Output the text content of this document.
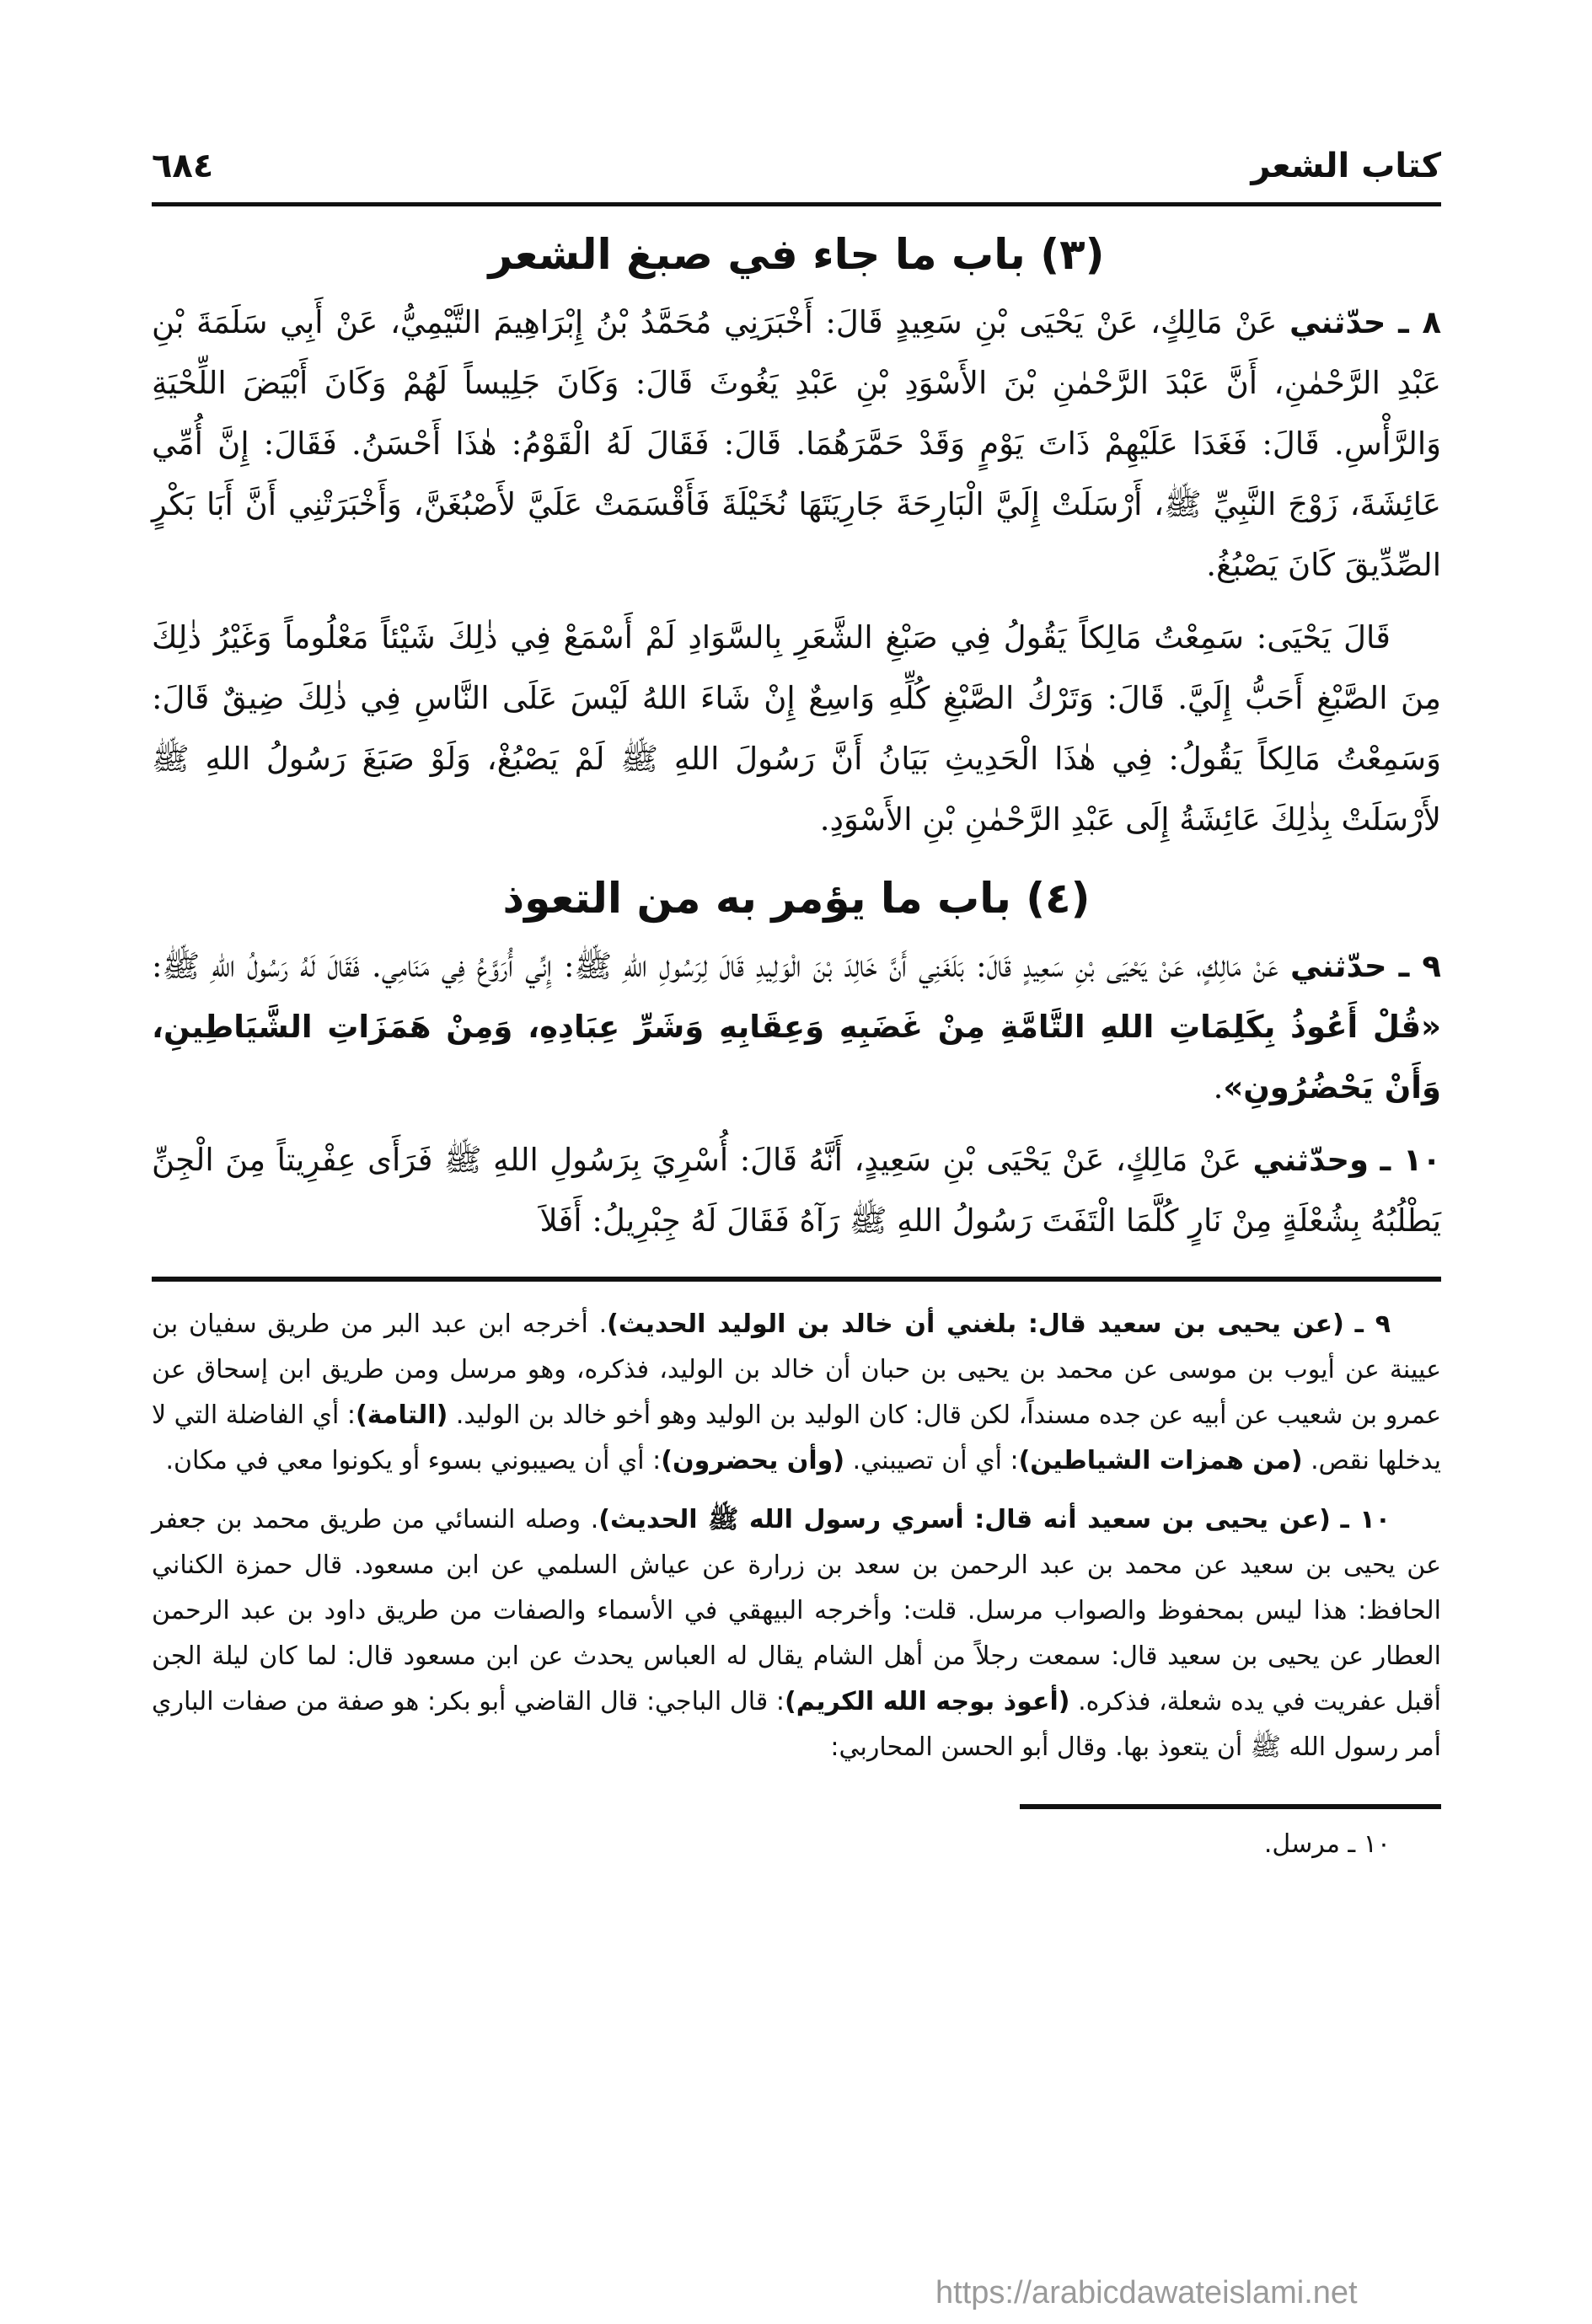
كتاب الشعر
٦٨٤
(٣) باب ما جاء في صبغ الشعر

٨ ـ حدّثني عَنْ مَالِكٍ، عَنْ يَحْيَى بْنِ سَعِيدٍ قَالَ: أَخْبَرَنِي مُحَمَّدُ بْنُ إِبْرَاهِيمَ التَّيْمِيُّ، عَنْ أَبِي سَلَمَةَ بْنِ عَبْدِ الرَّحْمٰنِ، أَنَّ عَبْدَ الرَّحْمٰنِ بْنَ الأَسْوَدِ بْنِ عَبْدِ يَغُوثَ قَالَ: وَكَانَ جَلِيساً لَهُمْ وَكَانَ أَبْيَضَ اللِّحْيَةِ وَالرَّأْسِ. قَالَ: فَغَدَا عَلَيْهِمْ ذَاتَ يَوْمٍ وَقَدْ حَمَّرَهُمَا. قَالَ: فَقَالَ لَهُ الْقَوْمُ: هٰذَا أَحْسَنُ. فَقَالَ: إِنَّ أُمِّي عَائِشَةَ، زَوْجَ النَّبِيِّ ﷺ، أَرْسَلَتْ إِلَيَّ الْبَارِحَةَ جَارِيَتَهَا نُخَيْلَةَ فَأَقْسَمَتْ عَلَيَّ لأَصْبُغَنَّ، وَأَخْبَرَتْنِي أَنَّ أَبَا بَكْرٍ الصِّدِّيقَ كَانَ يَصْبُغُ.

قَالَ يَحْيَى: سَمِعْتُ مَالِكاً يَقُولُ فِي صَبْغِ الشَّعَرِ بِالسَّوَادِ لَمْ أَسْمَعْ فِي ذٰلِكَ شَيْئاً مَعْلُوماً وَغَيْرُ ذٰلِكَ مِنَ الصَّبْغِ أَحَبُّ إِلَيَّ. قَالَ: وَتَرْكُ الصَّبْغِ كُلِّهِ وَاسِعٌ إِنْ شَاءَ اللهُ لَيْسَ عَلَى النَّاسِ فِي ذٰلِكَ ضِيقٌ قَالَ: وَسَمِعْتُ مَالِكاً يَقُولُ: فِي هٰذَا الْحَدِيثِ بَيَانُ أَنَّ رَسُولَ اللهِ ﷺ لَمْ يَصْبُغْ، وَلَوْ صَبَغَ رَسُولُ اللهِ ﷺ لأَرْسَلَتْ بِذٰلِكَ عَائِشَةُ إِلَى عَبْدِ الرَّحْمٰنِ بْنِ الأَسْوَدِ.

(٤) باب ما يؤمر به من التعوذ

٩ ـ حدّثني عَنْ مَالِكٍ، عَنْ يَحْيَى بْنِ سَعِيدٍ قَالَ: بَلَغَنِي أَنَّ خَالِدَ بْنَ الْوَلِيدِ قَالَ لِرَسُولِ اللهِ ﷺ: إِنِّي أُرَوَّعُ فِي مَنَامِي. فَقَالَ لَهُ رَسُولُ اللهِ ﷺ: «قُلْ أَعُوذُ بِكَلِمَاتِ اللهِ التَّامَّةِ مِنْ غَضَبِهِ وَعِقَابِهِ وَشَرِّ عِبَادِهِ، وَمِنْ هَمَزَاتِ الشَّيَاطِينِ، وَأَنْ يَحْضُرُونِ».

١٠ ـ وحدّثني عَنْ مَالِكٍ، عَنْ يَحْيَى بْنِ سَعِيدٍ، أَنَّهُ قَالَ: أُسْرِيَ بِرَسُولِ اللهِ ﷺ فَرَأَى عِفْرِيتاً مِنَ الْجِنِّ يَطْلُبُهُ بِشُعْلَةٍ مِنْ نَارٍ كُلَّمَا الْتَفَتَ رَسُولُ اللهِ ﷺ رَآهُ فَقَالَ لَهُ جِبْرِيلُ: أَفَلاَ

٩ ـ (عن يحيى بن سعيد قال: بلغني أن خالد بن الوليد الحديث). أخرجه ابن عبد البر من طريق سفيان بن عيينة عن أيوب بن موسى عن محمد بن يحيى بن حبان أن خالد بن الوليد، فذكره، وهو مرسل ومن طريق ابن إسحاق عن عمرو بن شعيب عن أبيه عن جده مسنداً، لكن قال: كان الوليد بن الوليد وهو أخو خالد بن الوليد. (التامة): أي الفاضلة التي لا يدخلها نقص. (من همزات الشياطين): أي أن تصيبني. (وأن يحضرون): أي أن يصيبوني بسوء أو يكونوا معي في مكان.

١٠ ـ (عن يحيى بن سعيد أنه قال: أسري رسول الله ﷺ الحديث). وصله النسائي من طريق محمد بن جعفر عن يحيى بن سعيد عن محمد بن عبد الرحمن بن سعد بن زرارة عن عياش السلمي عن ابن مسعود. قال حمزة الكناني الحافظ: هذا ليس بمحفوظ والصواب مرسل. قلت: وأخرجه البيهقي في الأسماء والصفات من طريق داود بن عبد الرحمن العطار عن يحيى بن سعيد قال: سمعت رجلاً من أهل الشام يقال له العباس يحدث عن ابن مسعود قال: لما كان ليلة الجن أقبل عفريت في يده شعلة، فذكره. (أعوذ بوجه الله الكريم): قال الباجي: قال القاضي أبو بكر: هو صفة من صفات الباري أمر رسول الله ﷺ أن يتعوذ بها. وقال أبو الحسن المحاربي:

١٠ ـ مرسل.
https://arabicdawateislami.net
